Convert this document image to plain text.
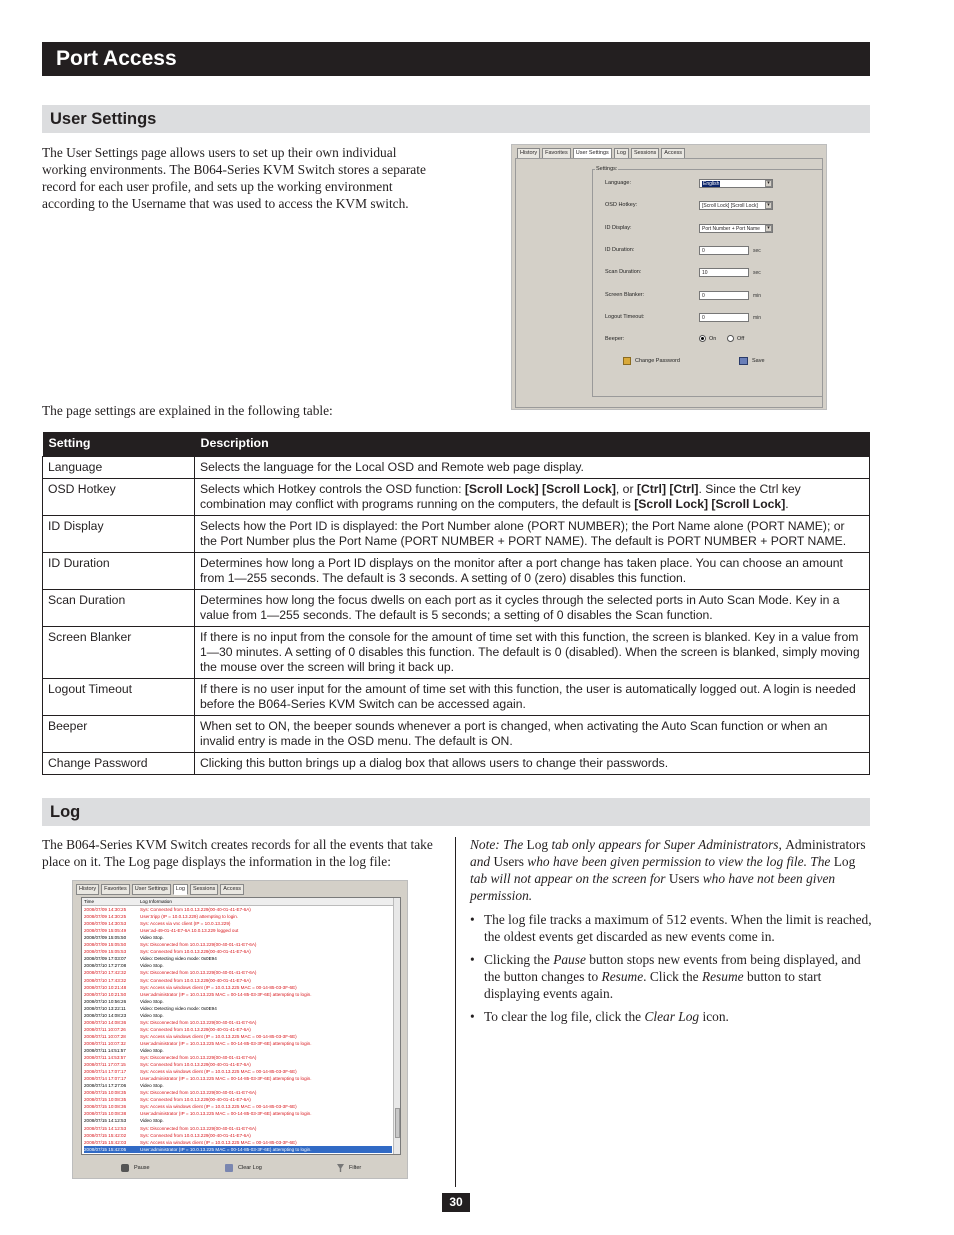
Port Access
User Settings
The User Settings page allows users to set up their own individual working environments. The B064-Series KVM Switch stores a separate record for each user profile, and sets up the working environment according to the Username that was used to access the KVM switch.
The page settings are explained in the following table:
History	Favorites	User Settings	Log	Sessions	Access
Settings:
Beeper:	On	Off
Change Password	Save
Language:	English	▾
OSD Hotkey:	[Scroll Lock] [Scroll Lock]	▾
ID Display:	Port Number + Port Name	▾
ID Duration:	0	sec
Scan Duration:	10	sec
Screen Blanker:	0	min
Logout Timeout:	0	min
Setting	Description
Language	Selects the language for the Local OSD and Remote web page display.
OSD Hotkey	Selects which Hotkey controls the OSD function: [Scroll Lock] [Scroll Lock], or [Ctrl] [Ctrl]. Since the Ctrl key combination may conflict with programs running on the computers, the default is [Scroll Lock] [Scroll Lock].
ID Display	Selects how the Port ID is displayed: the Port Number alone (PORT NUMBER); the Port Name alone (PORT NAME); or the Port Number plus the Port Name (PORT NUMBER + PORT NAME). The default is PORT NUMBER + PORT NAME.
ID Duration	Determines how long a Port ID displays on the monitor after a port change has taken place. You can choose an amount from 1—255 seconds. The default is 3 seconds. A setting of 0 (zero) disables this function.
Scan Duration	Determines how long the focus dwells on each port as it cycles through the selected ports in Auto Scan Mode. Key in a value from 1—255 seconds. The default is 5 seconds; a setting of 0 disables the Scan function.
Screen Blanker	If there is no input from the console for the amount of time set with this function, the screen is blanked. Key in a value from 1—30 minutes. A setting of 0 disables this function. The default is 0 (disabled). When the screen is blanked, simply moving the mouse over the screen will bring it back up.
Logout Timeout	If there is no user input for the amount of time set with this function, the user is automatically logged out. A login is needed before the B064-Series KVM Switch can be accessed again.
Beeper	When set to ON, the beeper sounds whenever a port is changed, when activating the Auto Scan function or when an invalid entry is made in the OSD menu. The default is ON.
Change Password	Clicking this button brings up a dialog box that allows users to change their passwords.
Log
The B064-Series KVM Switch creates records for all the events that take place on it. The Log page displays the information in the log file:
History	Favorites	User Settings	Log	Sessions	Access
Time	Log Information
2008/07/09 14:30:25	Sys: Connected from 10.0.13.229(00-40-01-41-E7-6A)
2008/07/09 14:30:25	User:tripp (IP = 10.0.13.229) attempting to login.
2008/07/09 14:30:53	Sys: Access via vnc client (IP = 10.0.13.229)
2008/07/09 15:05:49	User:ad-49-01-41-E7-6A 10.0.13.229 logged out
2008/07/09 15:05:50	Video Stop.
2008/07/09 15:05:50	Sys: Disconnected from 10.0.13.229(00-40-01-41-E7-6A)
2008/07/09 15:05:53	Sys: Connected from 10.0.13.229(00-40-01-41-E7-6A)
2008/07/09 17:03:07	Video: Detecting video mode: 0x0E94
2008/07/10 17:27:08	Video Stop.
2008/07/10 17:42:32	Sys: Disconnected from 10.0.13.229(00-40-01-41-E7-6A)
2008/07/10 17:43:32	Sys: Connected from 10.0.13.229(00-40-01-41-E7-6A)
2008/07/10 10:21:48	Sys: Access via windows client (IP = 10.0.13.225 MAC = 00-14-85-03-3F-6E)
2008/07/10 10:21:50	User:administrator (IP = 10.0.13.225 MAC = 00-14-85-03-3F-6E) attempting to login.
2008/07/10 10:56:26	Video Stop.
2008/07/10 13:22:11	Video: Detecting video mode: 0x0E94
2008/07/10 14:08:23	Video Stop.
2008/07/10 14:08:36	Sys: Disconnected from 10.0.13.229(00-40-01-41-E7-6A)
2008/07/11 10:07:26	Sys: Connected from 10.0.13.229(00-40-01-41-E7-6A)
2008/07/11 10:07:28	Sys: Access via windows client (IP = 10.0.13.225 MAC = 00-14-85-03-3F-6E)
2008/07/11 10:07:32	User:administrator (IP = 10.0.13.225 MAC = 00-14-85-03-3F-6E) attempting to login.
2008/07/11 14:51:57	Video Stop.
2008/07/11 14:53:57	Sys: Disconnected from 10.0.13.229(00-40-01-41-E7-6A)
2008/07/11 17:07:15	Sys: Connected from 10.0.13.229(00-40-01-41-E7-6A)
2008/07/14 17:07:17	Sys: Access via windows client (IP = 10.0.13.225 MAC = 00-14-85-03-3F-6E)
2008/07/14 17:07:17	User:administrator (IP = 10.0.13.225 MAC = 00-14-85-03-3F-6E) attempting to login.
2008/07/14 17:27:06	Video Stop.
2008/07/15 10:08:35	Sys: Disconnected from 10.0.13.229(00-40-01-41-E7-6A)
2008/07/15 10:08:35	Sys: Connected from 10.0.13.229(00-40-01-41-E7-6A)
2008/07/15 10:08:36	Sys: Access via windows client (IP = 10.0.13.225 MAC = 00-14-85-03-3F-6E)
2008/07/15 10:08:38	User:administrator (IP = 10.0.13.225 MAC = 00-14-85-03-3F-6E) attempting to login.
2008/07/15 14:12:53	Video Stop.
2008/07/15 14:12:53	Sys: Disconnected from 10.0.13.229(00-40-01-41-E7-6A)
2008/07/15 15:42:02	Sys: Connected from 10.0.13.229(00-40-01-41-E7-6A)
2008/07/15 15:42:03	Sys: Access via windows client (IP = 10.0.13.225 MAC = 00-14-85-03-3F-6E)
2008/07/15 15:42:05	User:administrator (IP = 10.0.13.225 MAC = 00-14-85-03-3F-6E) attempting to login.
Pause	Clear Log	Filter

Note: The Log tab only appears for Super Administrators, Administrators and Users who have been given permission to view the log file. The Log tab will not appear on the screen for Users who have not been given permission.

• The log file tracks a maximum of 512 events. When the limit is reached, the oldest events get discarded as new events come in.

• Clicking the Pause button stops new events from being displayed, and the button changes to Resume. Click the Resume button to start displaying events again.

• To clear the log file, click the Clear Log icon.

30
